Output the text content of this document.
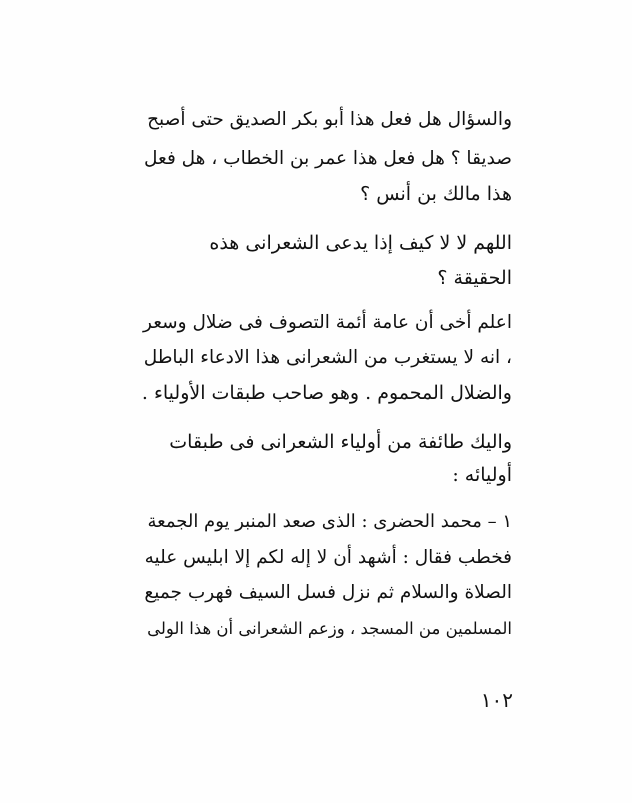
والسؤال هل فعل هذا أبو بكر الصديق حتى أصبح
صديقا ؟ هل فعل هذا عمر بن الخطاب ، هل فعل
هذا مالك بن أنس ؟
اللهم لا لا كيف إذا يدعى الشعرانى هذه
الحقيقة ؟
اعلم أخى أن عامة أئمة التصوف فى ضلال وسعر
، انه لا يستغرب من الشعرانى هذا الادعاء الباطل
والضلال المحموم . وهو صاحب طبقات الأولياء .
واليك طائفة من أولياء الشعرانى فى طبقات
أوليائه :
١ – محمد الحضرى : الذى صعد المنبر يوم الجمعة
فخطب فقال : أشهد أن لا إله لكم إلا ابليس عليه
الصلاة والسلام ثم نزل فسل السيف فهرب جميع
المسلمين من المسجد ، وزعم الشعرانى أن هذا الولى
١٠٢
